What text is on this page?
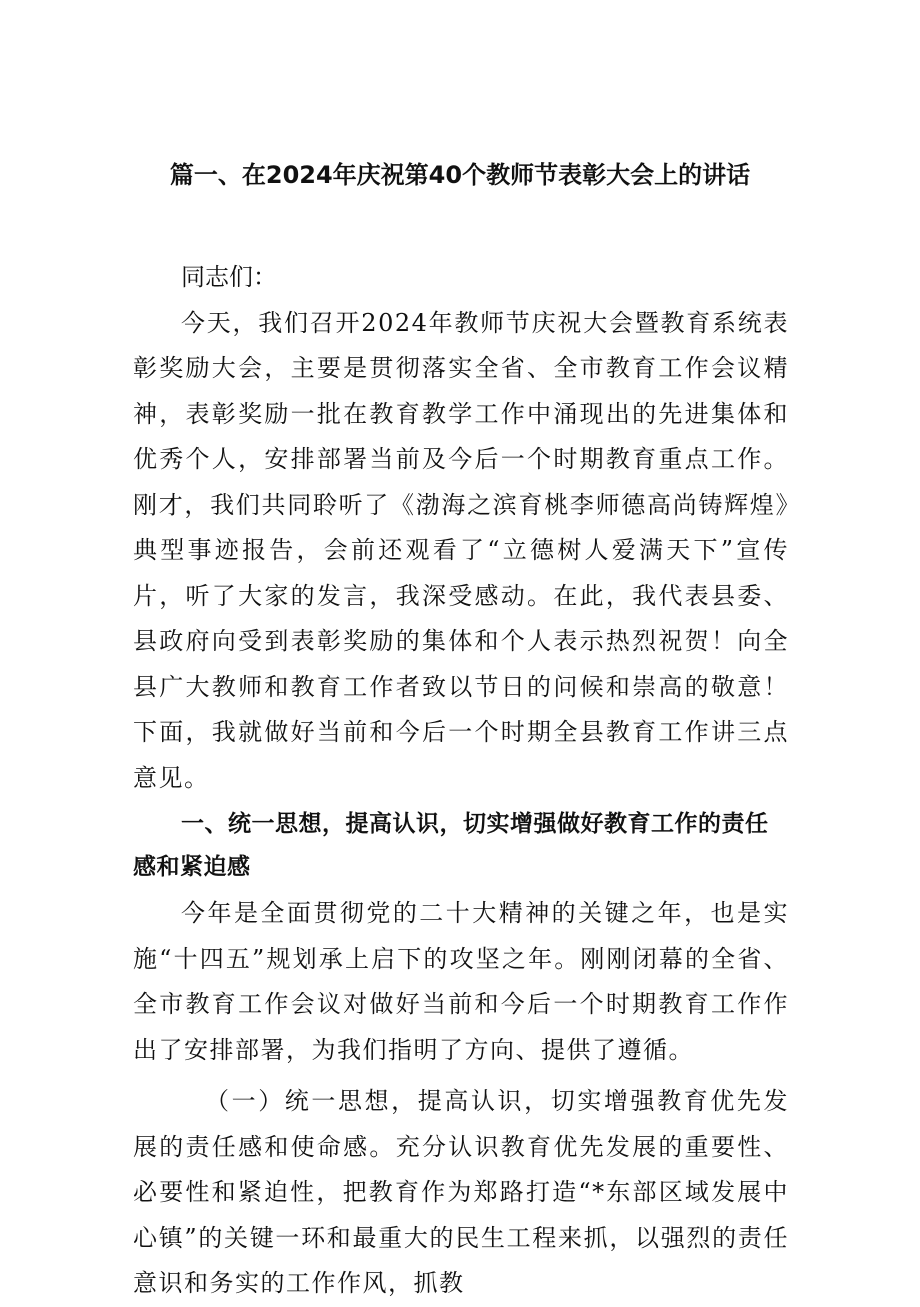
篇一、在2024年庆祝第40个教师节表彰大会上的讲话

同志们：

今天，我们召开2024年教师节庆祝大会暨教育系统表彰奖励大会，主要是贯彻落实全省、全市教育工作会议精神，表彰奖励一批在教育教学工作中涌现出的先进集体和优秀个人，安排部署当前及今后一个时期教育重点工作。刚才，我们共同聆听了《渤海之滨育桃李师德高尚铸辉煌》典型事迹报告，会前还观看了“立德树人爱满天下”宣传片，听了大家的发言，我深受感动。在此，我代表县委、县政府向受到表彰奖励的集体和个人表示热烈祝贺！向全县广大教师和教育工作者致以节日的问候和崇高的敬意！下面，我就做好当前和今后一个时期全县教育工作讲三点意见。

一、统一思想，提高认识，切实增强做好教育工作的责任感和紧迫感

今年是全面贯彻党的二十大精神的关键之年，也是实施“十四五”规划承上启下的攻坚之年。刚刚闭幕的全省、全市教育工作会议对做好当前和今后一个时期教育工作作出了安排部署，为我们指明了方向、提供了遵循。

（一）统一思想，提高认识，切实增强教育优先发展的责任感和使命感。充分认识教育优先发展的重要性、必要性和紧迫性，把教育作为郑路打造“*东部区域发展中心镇”的关键一环和最重大的民生工程来抓，以强烈的责任意识和务实的工作作风，抓教
